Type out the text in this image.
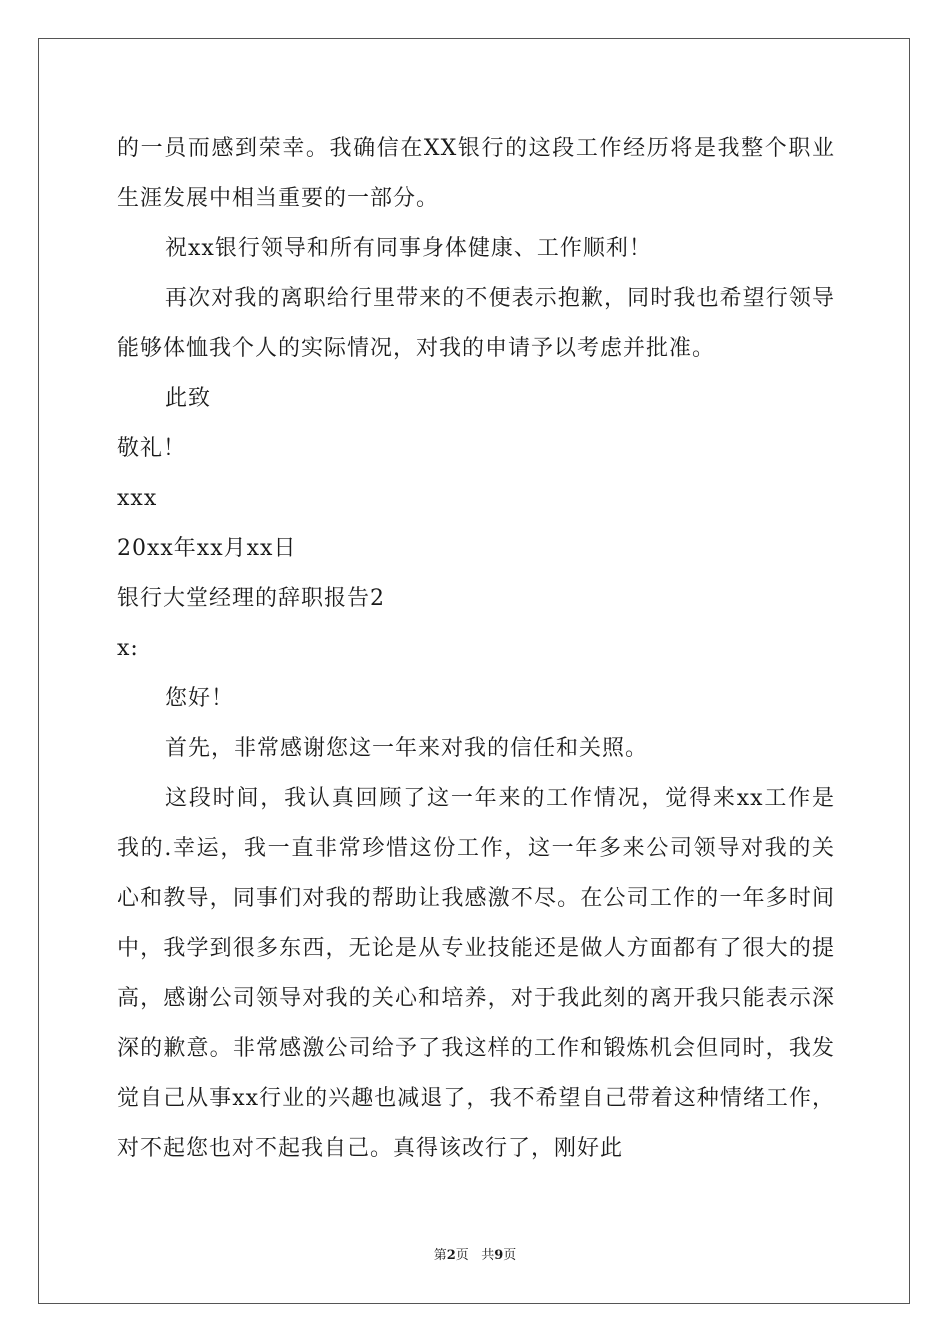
的一员而感到荣幸。我确信在XX银行的这段工作经历将是我整个职业生涯发展中相当重要的一部分。

祝xx银行领导和所有同事身体健康、工作顺利！

再次对我的离职给行里带来的不便表示抱歉，同时我也希望行领导能够体恤我个人的实际情况，对我的申请予以考虑并批准。

此致

敬礼！

xxx

20xx年xx月xx日

银行大堂经理的辞职报告2

x:

您好！

首先，非常感谢您这一年来对我的信任和关照。

这段时间，我认真回顾了这一年来的工作情况，觉得来xx工作是我的.幸运，我一直非常珍惜这份工作，这一年多来公司领导对我的关心和教导，同事们对我的帮助让我感激不尽。在公司工作的一年多时间中，我学到很多东西，无论是从专业技能还是做人方面都有了很大的提高，感谢公司领导对我的关心和培养，对于我此刻的离开我只能表示深深的歉意。非常感激公司给予了我这样的工作和锻炼机会但同时，我发觉自己从事xx行业的兴趣也减退了，我不希望自己带着这种情绪工作，对不起您也对不起我自己。真得该改行了，刚好此

第2页 共9页
